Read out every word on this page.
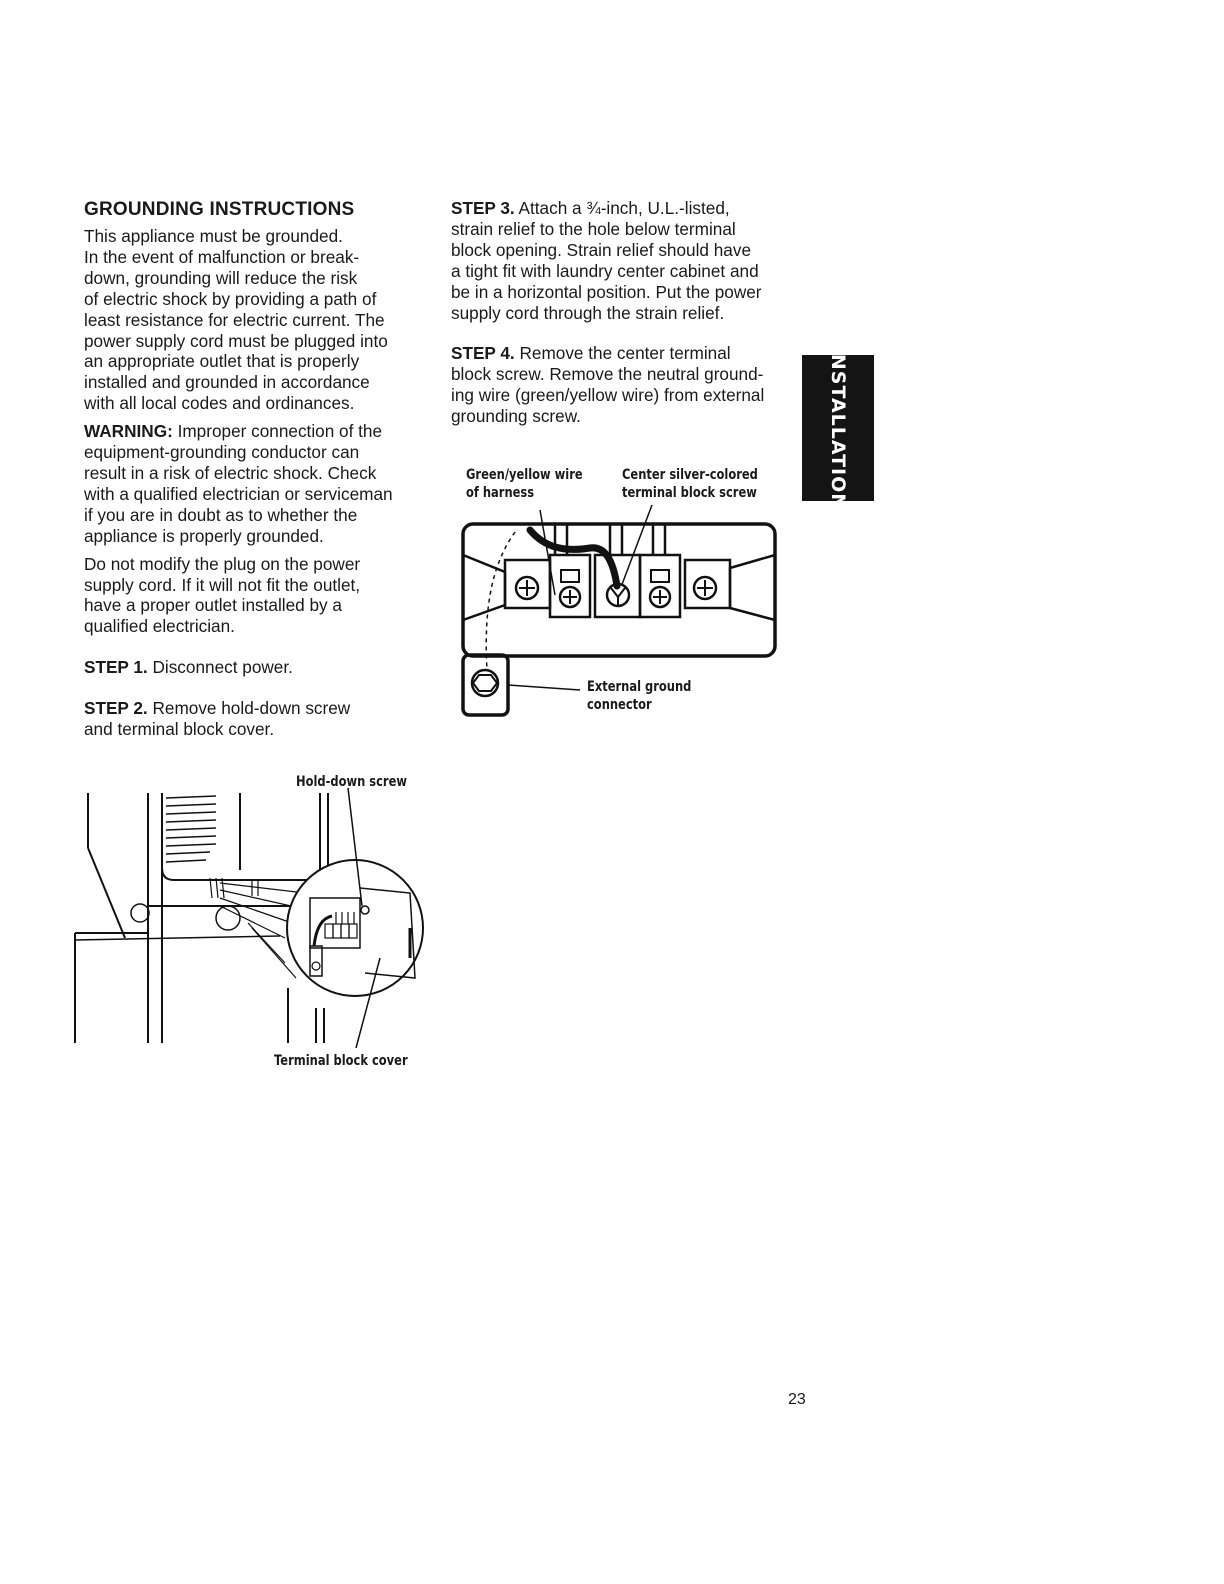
GROUNDING INSTRUCTIONS

This appliance must be grounded.
In the event of malfunction or break-
down, grounding will reduce the risk
of electric shock by providing a path of
least resistance for electric current. The
power supply cord must be plugged into
an appropriate outlet that is properly
installed and grounded in accordance
with all local codes and ordinances.

WARNING: Improper connection of the
equipment-grounding conductor can
result in a risk of electric shock. Check
with a qualified electrician or serviceman
if you are in doubt as to whether the
appliance is properly grounded.

Do not modify the plug on the power
supply cord. If it will not fit the outlet,
have a proper outlet installed by a
qualified electrician.

STEP 1. Disconnect power.

STEP 2. Remove hold-down screw
and terminal block cover.

STEP 3. Attach a ¾-inch, U.L.-listed,
strain relief to the hole below terminal
block opening. Strain relief should have
a tight fit with laundry center cabinet and
be in a horizontal position. Put the power
supply cord through the strain relief.

STEP 4. Remove the center terminal
block screw. Remove the neutral ground-
ing wire (green/yellow wire) from external
grounding screw.	INSTALLATION
Green/yellow wire
of harness
Center silver-colored
terminal block screw
External ground
connector
Hold-down screw
Terminal block cover
23
